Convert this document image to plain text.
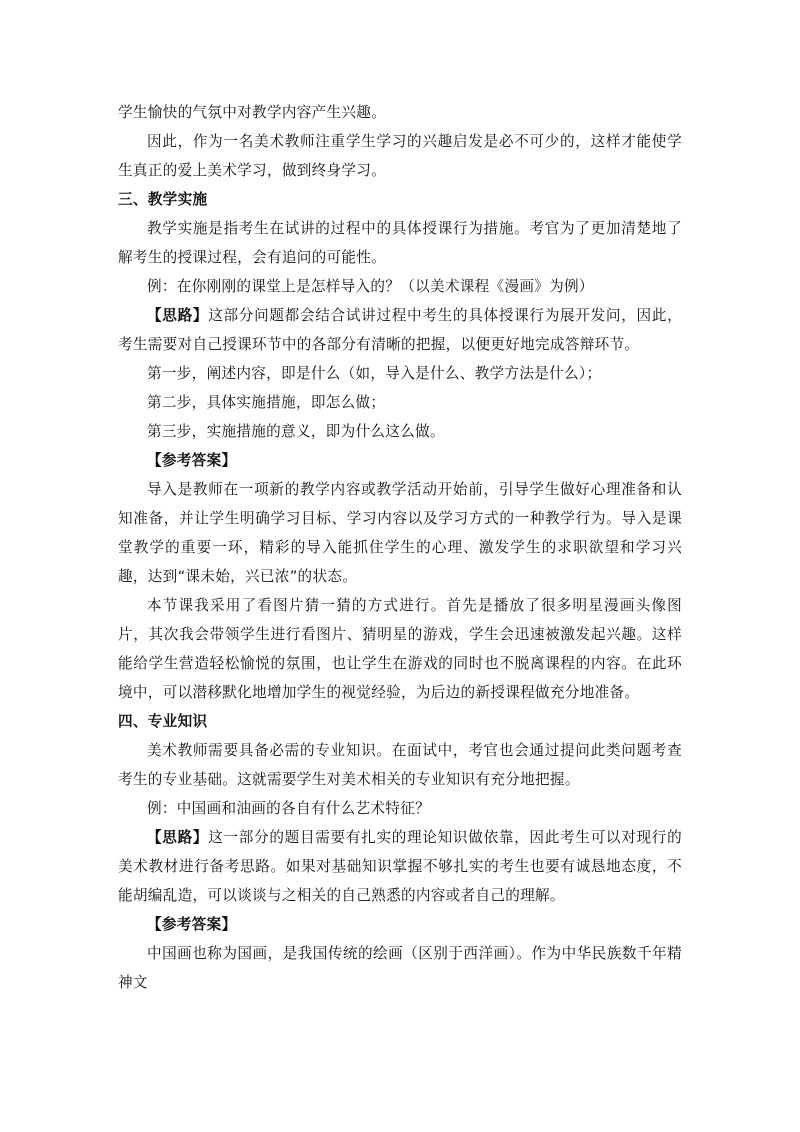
学生愉快的气氛中对教学内容产生兴趣。

因此，作为一名美术教师注重学生学习的兴趣启发是必不可少的，这样才能使学生真正的爱上美术学习，做到终身学习。

三、教学实施

教学实施是指考生在试讲的过程中的具体授课行为措施。考官为了更加清楚地了解考生的授课过程，会有追问的可能性。

例：在你刚刚的课堂上是怎样导入的？（以美术课程《漫画》为例）

【思路】这部分问题都会结合试讲过程中考生的具体授课行为展开发问，因此，考生需要对自己授课环节中的各部分有清晰的把握，以便更好地完成答辩环节。

第一步，阐述内容，即是什么（如，导入是什么、教学方法是什么）；

第二步，具体实施措施，即怎么做；

第三步，实施措施的意义，即为什么这么做。

【参考答案】

导入是教师在一项新的教学内容或教学活动开始前，引导学生做好心理准备和认知准备，并让学生明确学习目标、学习内容以及学习方式的一种教学行为。导入是课堂教学的重要一环，精彩的导入能抓住学生的心理、激发学生的求职欲望和学习兴趣，达到“课未始，兴已浓”的状态。

本节课我采用了看图片猜一猜的方式进行。首先是播放了很多明星漫画头像图片，其次我会带领学生进行看图片、猜明星的游戏，学生会迅速被激发起兴趣。这样能给学生营造轻松愉悦的氛围，也让学生在游戏的同时也不脱离课程的内容。在此环境中，可以潜移默化地增加学生的视觉经验，为后边的新授课程做充分地准备。

四、专业知识

美术教师需要具备必需的专业知识。在面试中，考官也会通过提问此类问题考查考生的专业基础。这就需要学生对美术相关的专业知识有充分地把握。

例：中国画和油画的各自有什么艺术特征？

【思路】这一部分的题目需要有扎实的理论知识做依靠，因此考生可以对现行的美术教材进行备考思路。如果对基础知识掌握不够扎实的考生也要有诚恳地态度，不能胡编乱造，可以谈谈与之相关的自己熟悉的内容或者自己的理解。

【参考答案】

中国画也称为国画，是我国传统的绘画（区别于西洋画）。作为中华民族数千年精神文
